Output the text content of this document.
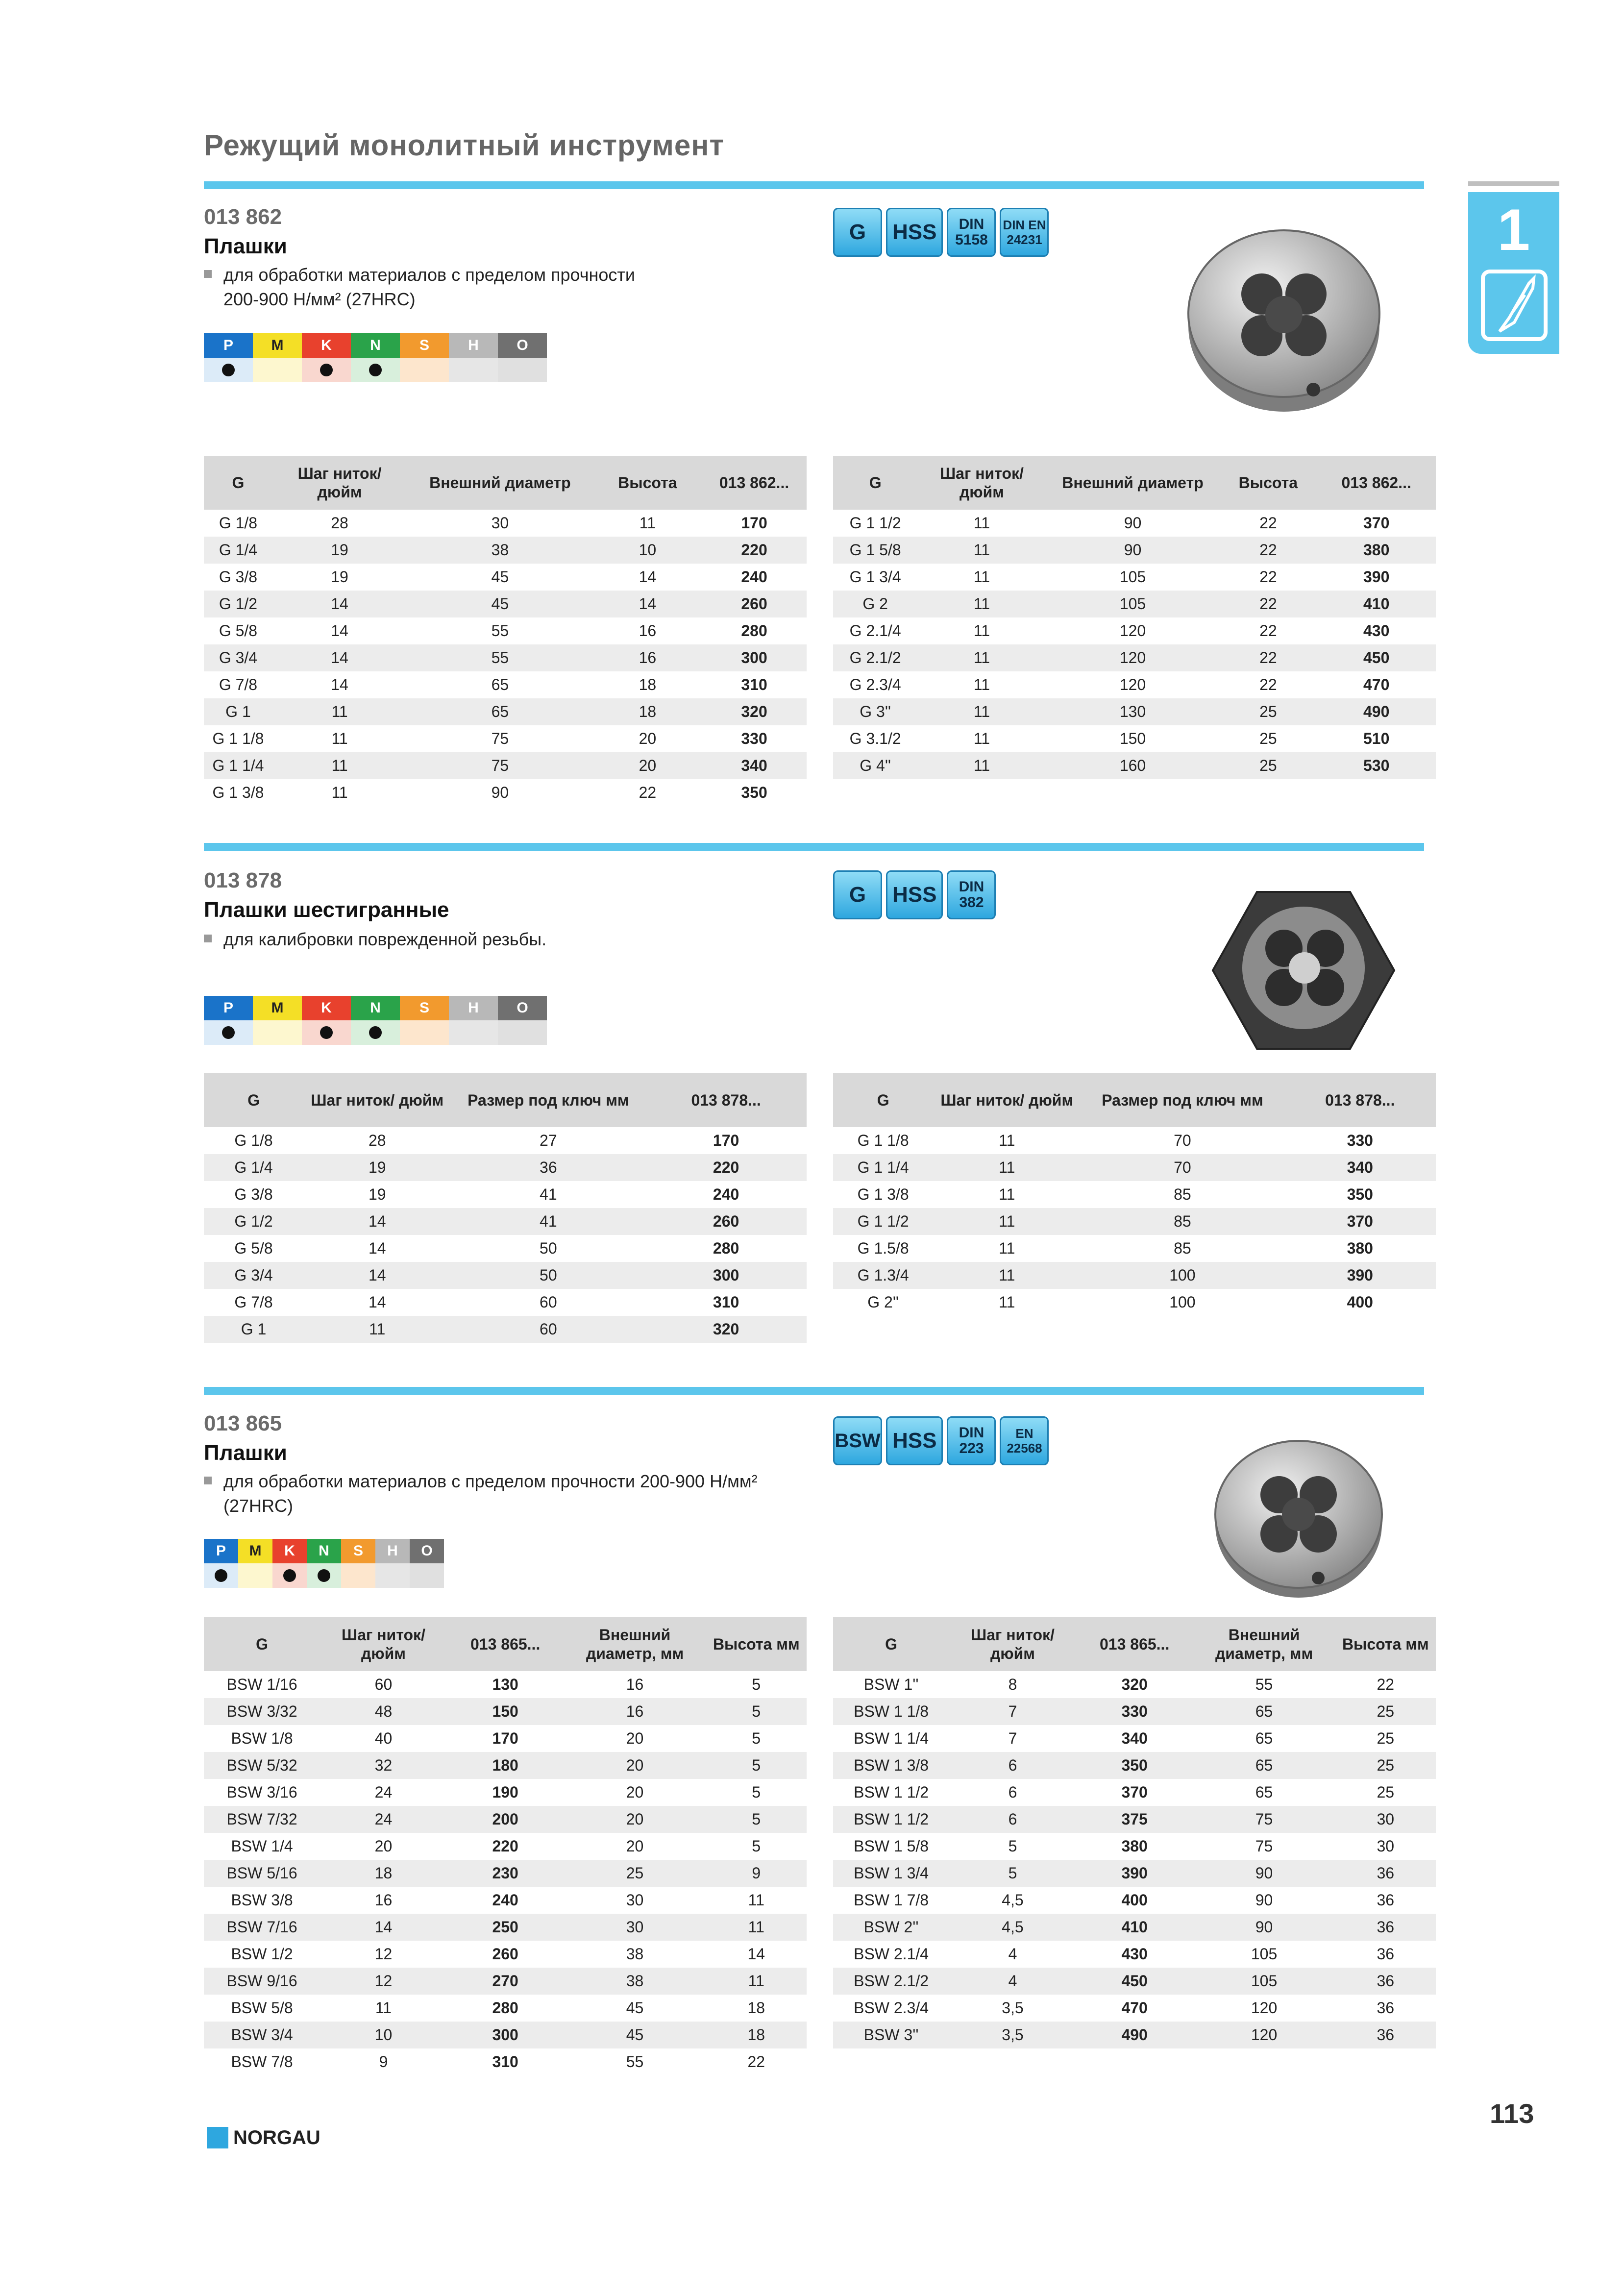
Режущий монолитный инструмент
1
013 862
Плашки
для обработки материалов с пределом прочности
200-900 Н/мм² (27HRC)
G	HSS	DIN
5158
DIN EN
24231
P	M	K	N	S	H	O
G	Шаг ниток/ дюйм	Внешний диаметр	Высота	013 862...
G 1/8	28	30	11	170
G 1/4	19	38	10	220
G 3/8	19	45	14	240
G 1/2	14	45	14	260
G 5/8	14	55	16	280
G 3/4	14	55	16	300
G 7/8	14	65	18	310
G 1	11	65	18	320
G 1 1/8	11	75	20	330
G 1 1/4	11	75	20	340
G 1 3/8	11	90	22	350
G	Шаг ниток/ дюйм	Внешний диаметр	Высота	013 862...
G 1 1/2	11	90	22	370
G 1 5/8	11	90	22	380
G 1 3/4	11	105	22	390
G 2	11	105	22	410
G 2.1/4	11	120	22	430
G 2.1/2	11	120	22	450
G 2.3/4	11	120	22	470
G 3''	11	130	25	490
G 3.1/2	11	150	25	510
G 4''	11	160	25	530
013 878
Плашки шестигранные
для калибровки поврежденной резьбы.
G	HSS	DIN
382
P	M	K	N	S	H	O
G	Шаг ниток/ дюйм	Размер под ключ мм	013 878...
G 1/8	28	27	170
G 1/4	19	36	220
G 3/8	19	41	240
G 1/2	14	41	260
G 5/8	14	50	280
G 3/4	14	50	300
G 7/8	14	60	310
G 1	11	60	320
G	Шаг ниток/ дюйм	Размер под ключ мм	013 878...
G 1 1/8	11	70	330
G 1 1/4	11	70	340
G 1 3/8	11	85	350
G 1 1/2	11	85	370
G 1.5/8	11	85	380
G 1.3/4	11	100	390
G 2''	11	100	400
013 865
Плашки
для обработки материалов с пределом прочности 200-900 Н/мм²
(27HRC)
BSW HSS	DIN
223
EN
22568
P	M	K	N	S	H	O
G	Шаг ниток/ дюйм	013 865...	Внешний диаметр, мм	Высота мм
BSW 1/16	60	130	16	5
BSW 3/32	48	150	16	5
BSW 1/8	40	170	20	5
BSW 5/32	32	180	20	5
BSW 3/16	24	190	20	5
BSW 7/32	24	200	20	5
BSW 1/4	20	220	20	5
BSW 5/16	18	230	25	9
BSW 3/8	16	240	30	11
BSW 7/16	14	250	30	11
BSW 1/2	12	260	38	14
BSW 9/16	12	270	38	11
BSW 5/8	11	280	45	18
BSW 3/4	10	300	45	18
BSW 7/8	9	310	55	22
G	Шаг ниток/ дюйм	013 865...	Внешний диаметр, мм	Высота мм
BSW 1''	8	320	55	22
BSW 1 1/8	7	330	65	25
BSW 1 1/4	7	340	65	25
BSW 1 3/8	6	350	65	25
BSW 1 1/2	6	370	65	25
BSW 1 1/2	6	375	75	30
BSW 1 5/8	5	380	75	30
BSW 1 3/4	5	390	90	36
BSW 1 7/8	4,5	400	90	36
BSW 2''	4,5	410	90	36
BSW 2.1/4	4	430	105	36
BSW 2.1/2	4	450	105	36
BSW 2.3/4	3,5	470	120	36
BSW 3''	3,5	490	120	36
113
NORGAU
